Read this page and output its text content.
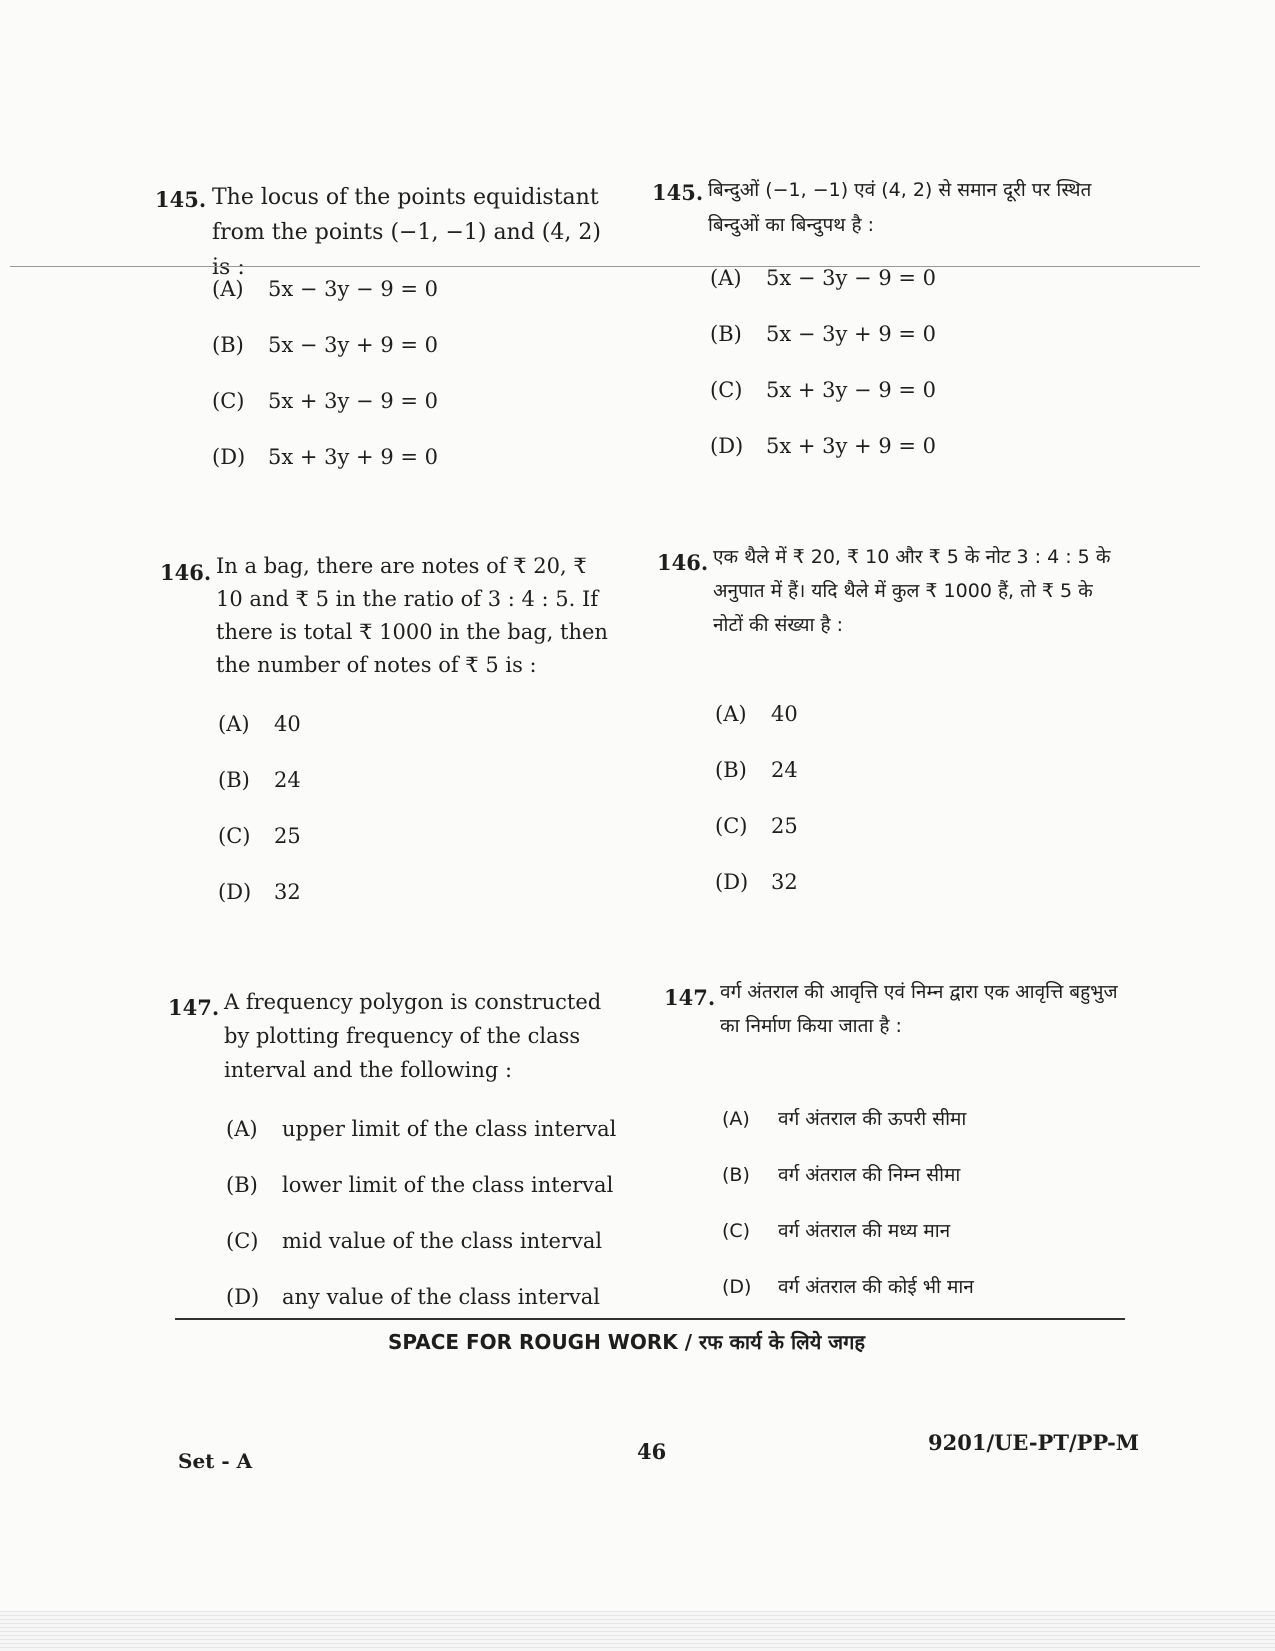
145. The locus of the points equidistant from the points (−1, −1) and (4, 2) is :
145. बिन्दुओं (−1, −1) एवं (4, 2) से समान दूरी पर स्थित बिन्दुओं का बिन्दुपथ है :
(A) 5x − 3y − 9 = 0
(B) 5x − 3y + 9 = 0
(C) 5x + 3y − 9 = 0
(D) 5x + 3y + 9 = 0
(A) 5x − 3y − 9 = 0
(B) 5x − 3y + 9 = 0
(C) 5x + 3y − 9 = 0
(D) 5x + 3y + 9 = 0
146. In a bag, there are notes of ₹ 20, ₹ 10 and ₹ 5 in the ratio of 3 : 4 : 5. If there is total ₹ 1000 in the bag, then the number of notes of ₹ 5 is :
146. एक थैले में ₹ 20, ₹ 10 और ₹ 5 के नोट 3 : 4 : 5 के अनुपात में हैं। यदि थैले में कुल ₹ 1000 हैं, तो ₹ 5 के नोटों की संख्या है :
(A) 40
(B) 24
(C) 25
(D) 32
(A) 40
(B) 24
(C) 25
(D) 32
147. A frequency polygon is constructed by plotting frequency of the class interval and the following :
147. वर्ग अंतराल की आवृत्ति एवं निम्न द्वारा एक आवृत्ति बहुभुज का निर्माण किया जाता है :
(A) upper limit of the class interval
(B) lower limit of the class interval
(C) mid value of the class interval
(D) any value of the class interval
(A) वर्ग अंतराल की ऊपरी सीमा
(B) वर्ग अंतराल की निम्न सीमा
(C) वर्ग अंतराल की मध्य मान
(D) वर्ग अंतराल की कोई भी मान
SPACE FOR ROUGH WORK / रफ कार्य के लिये जगह
Set - A	46	9201/UE-PT/PP-M
